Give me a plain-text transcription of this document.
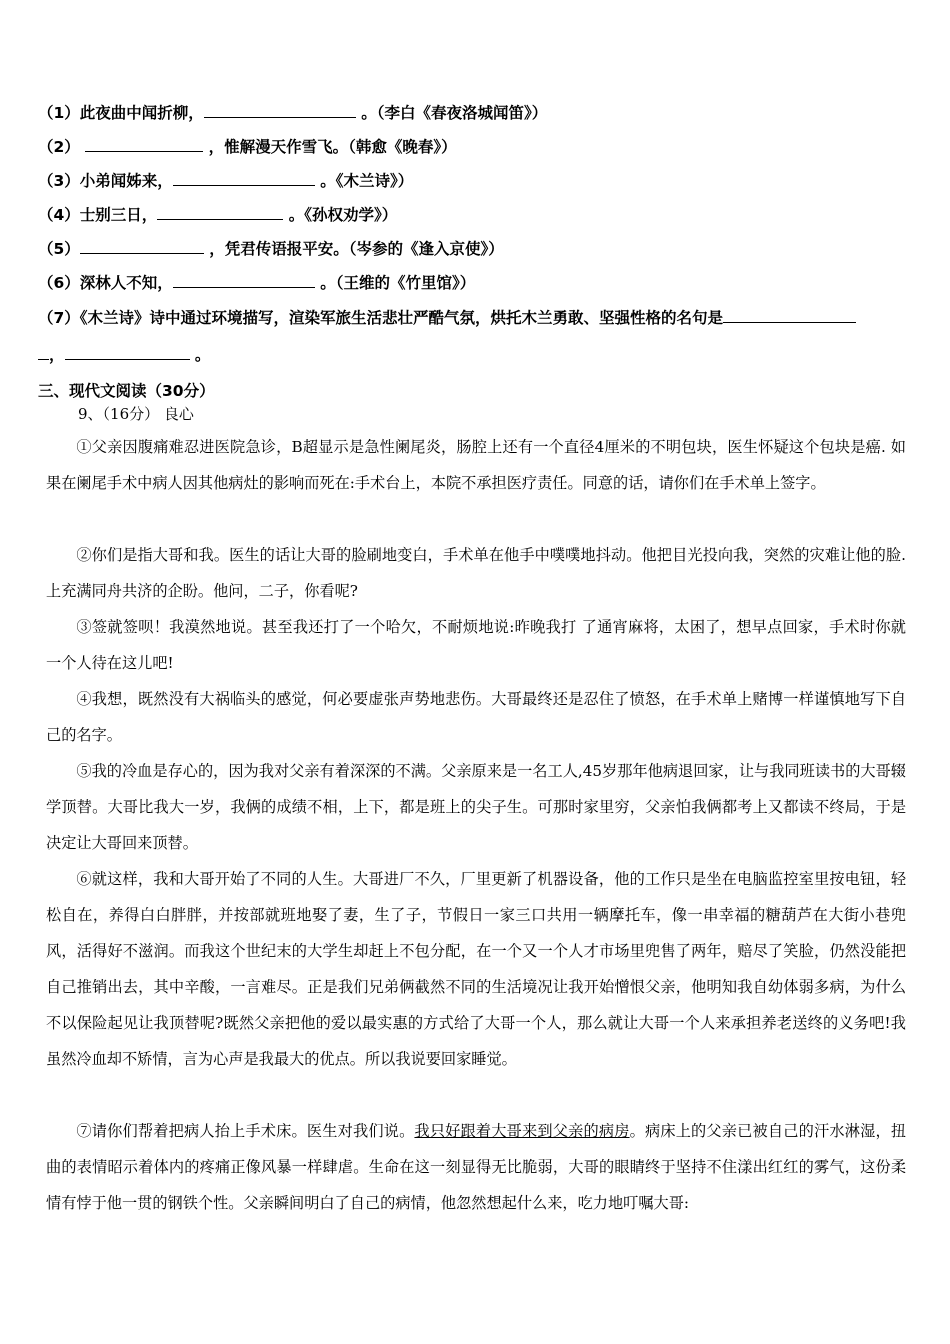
（1）此夜曲中闻折柳，	。（李白《春夜洛城闻笛》）
（2）	，惟解漫天作雪飞。（韩愈《晚春》）
（3）小弟闻姊来，	。《木兰诗》）
（4）士别三日，	。《孙权劝学》）
（5）	，凭君传语报平安。（岑参的《逢入京使》）
（6）深林人不知，	。（王维的《竹里馆》）
（7）《木兰诗》诗中通过环境描写，渲染军旅生活悲壮严酷气氛，烘托木兰勇敢、坚强性格的名句是
，	。
三、现代文阅读（30分）
9、（16分） 良心
①父亲因腹痛难忍进医院急诊，B超显示是急性阑尾炎，肠腔上还有一个直径4厘米的不明包块，医生怀疑这个包块是癌. 如果在阑尾手术中病人因其他病灶的影响而死在:手术台上，本院不承担医疗责任。同意的话，请你们在手术单上签字。
②你们是指大哥和我。医生的话让大哥的脸刷地变白，手术单在他手中噗噗地抖动。他把目光投向我，突然的灾难让他的脸.上充满同舟共济的企盼。他问，二子，你看呢?
③签就签呗！我漠然地说。甚至我还打了一个哈欠，不耐烦地说:昨晚我打 了通宵麻将，太困了，想早点回家，手术时你就一个人待在这儿吧!
④我想，既然没有大祸临头的感觉，何必要虚张声势地悲伤。大哥最终还是忍住了愤怒，在手术单上赌博一样谨慎地写下自己的名字。
⑤我的冷血是存心的，因为我对父亲有着深深的不满。父亲原来是一名工人,45岁那年他病退回家，让与我同班读书的大哥辍学顶替。大哥比我大一岁，我俩的成绩不相，上下，都是班上的尖子生。可那时家里穷，父亲怕我俩都考上又都读不终局，于是决定让大哥回来顶替。
⑥就这样，我和大哥开始了不同的人生。大哥进厂不久，厂里更新了机器设备，他的工作只是坐在电脑监控室里按电钮，轻松自在，养得白白胖胖，并按部就班地娶了妻，生了子，节假日一家三口共用一辆摩托车，像一串幸福的糖葫芦在大街小巷兜风，活得好不滋润。而我这个世纪末的大学生却赶上不包分配，在一个又一个人才市场里兜售了两年，赔尽了笑脸，仍然没能把自己推销出去，其中辛酸，一言难尽。正是我们兄弟俩截然不同的生活境况让我开始憎恨父亲，他明知我自幼体弱多病，为什么不以保险起见让我顶替呢?既然父亲把他的爱以最实惠的方式给了大哥一个人，那么就让大哥一个人来承担养老送终的义务吧!我虽然冷血却不矫情，言为心声是我最大的优点。所以我说要回家睡觉。
⑦请你们帮着把病人抬上手术床。医生对我们说。我只好跟着大哥来到父亲的病房。病床上的父亲已被自己的汗水淋湿，扭曲的表情昭示着体内的疼痛正像风暴一样肆虐。生命在这一刻显得无比脆弱，大哥的眼睛终于坚持不住漾出红红的雾气，这份柔情有悖于他一贯的钢铁个性。父亲瞬间明白了自己的病情，他忽然想起什么来，吃力地叮嘱大哥:
